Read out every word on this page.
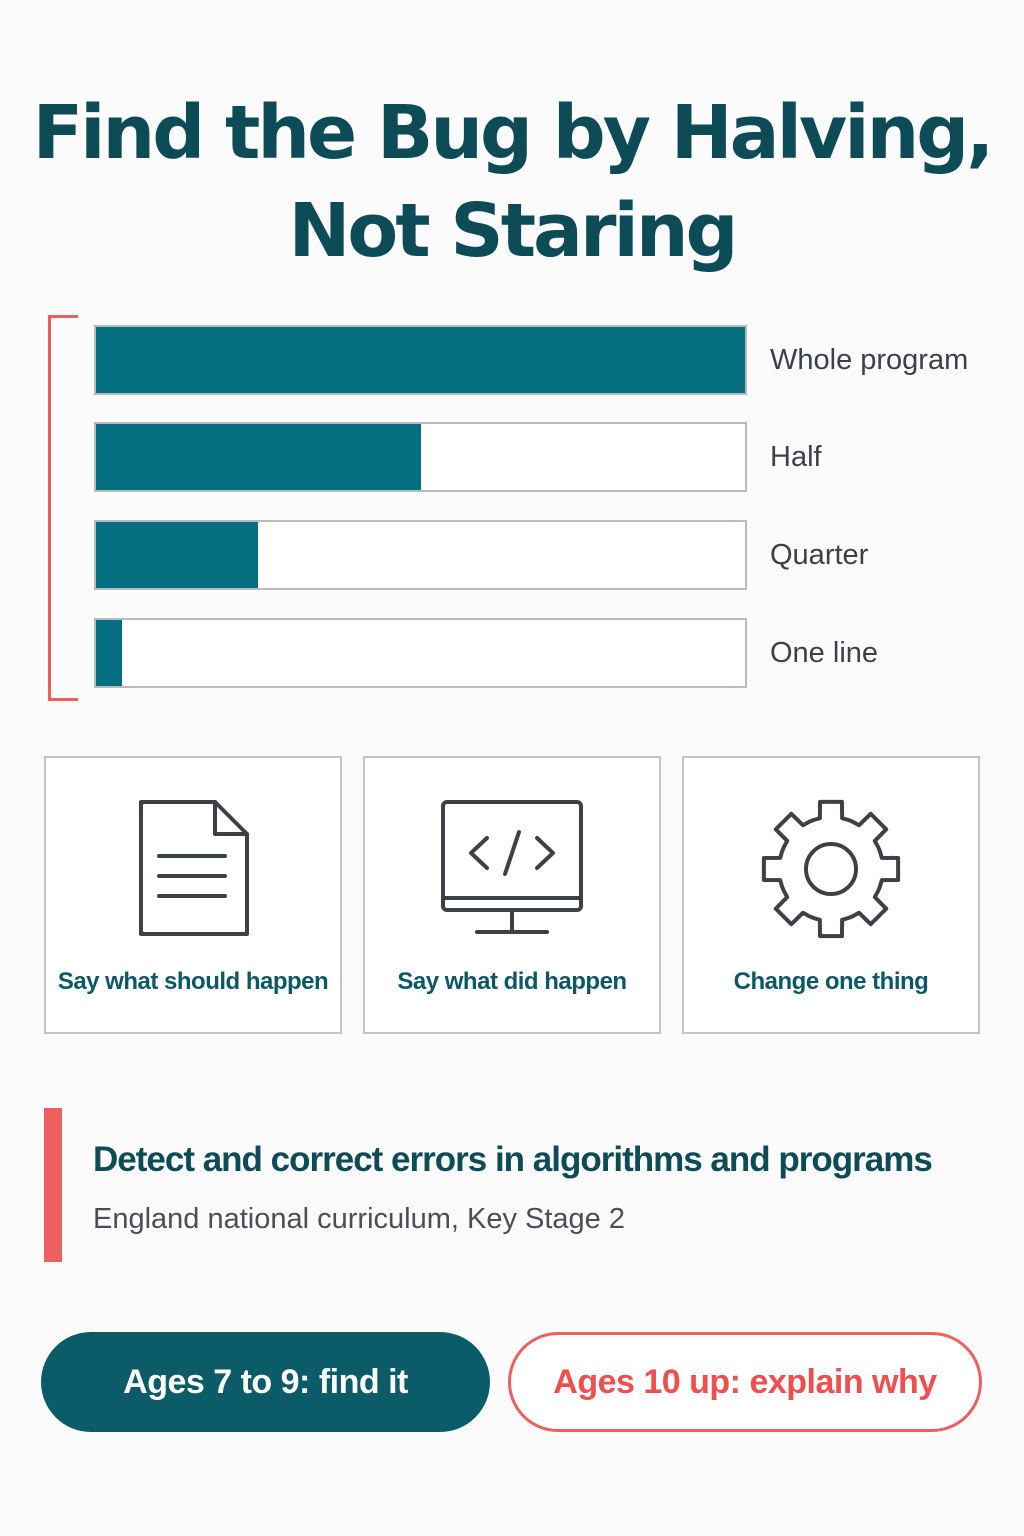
Find the Bug by Halving,
Not Staring
Whole program
Half
Quarter
One line
Say what should happen	Say what did happen	Change one thing
Detect and correct errors in algorithms and programs
England national curriculum, Key Stage 2
Ages 7 to 9: find it	Ages 10 up: explain why
